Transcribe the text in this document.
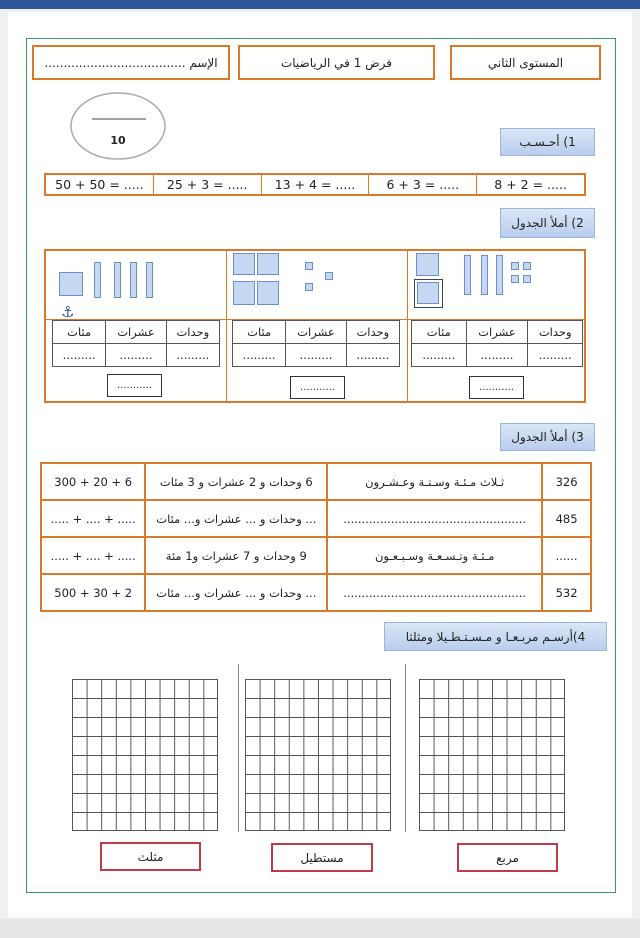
الإسم .....................................	فرض 1 في الرياضيات	المستوى الثاني
10	1) أحـسـب
8 + 2 = .....
6 + 3 = .....
13 + 4 = .....
25 + 3 = .....
50 + 50 = .....
2) أملأ الجدول
⚓
مئات	عشرات	وحدات
.........	.........	.........
مئات	عشرات	وحدات
.........	.........	.........
مئات	عشرات	وحدات
.........	.........	.........
...........	...........	...........
3) أملأ الجدول
300 + 20 + 6	6 وحدات و 2 عشرات و 3 مئات	ثـلاث مـئـة وسـتـة وعـشـرون	326
..... + .... + .....	... وحدات و ... عشرات و... مئات	..................................................	485
..... + .... + .....	9 وحدات و 7 عشرات و1 مئة	مـئـة وتـسـعـة وسـبـعـون	......
500 + 30 + 2	... وحدات و ... عشرات و... مئات	..................................................	532
4)أرسـم مربـعـا و مـسـتـطـيلا ومثلثا
مربع
مستطيل
مثلث
